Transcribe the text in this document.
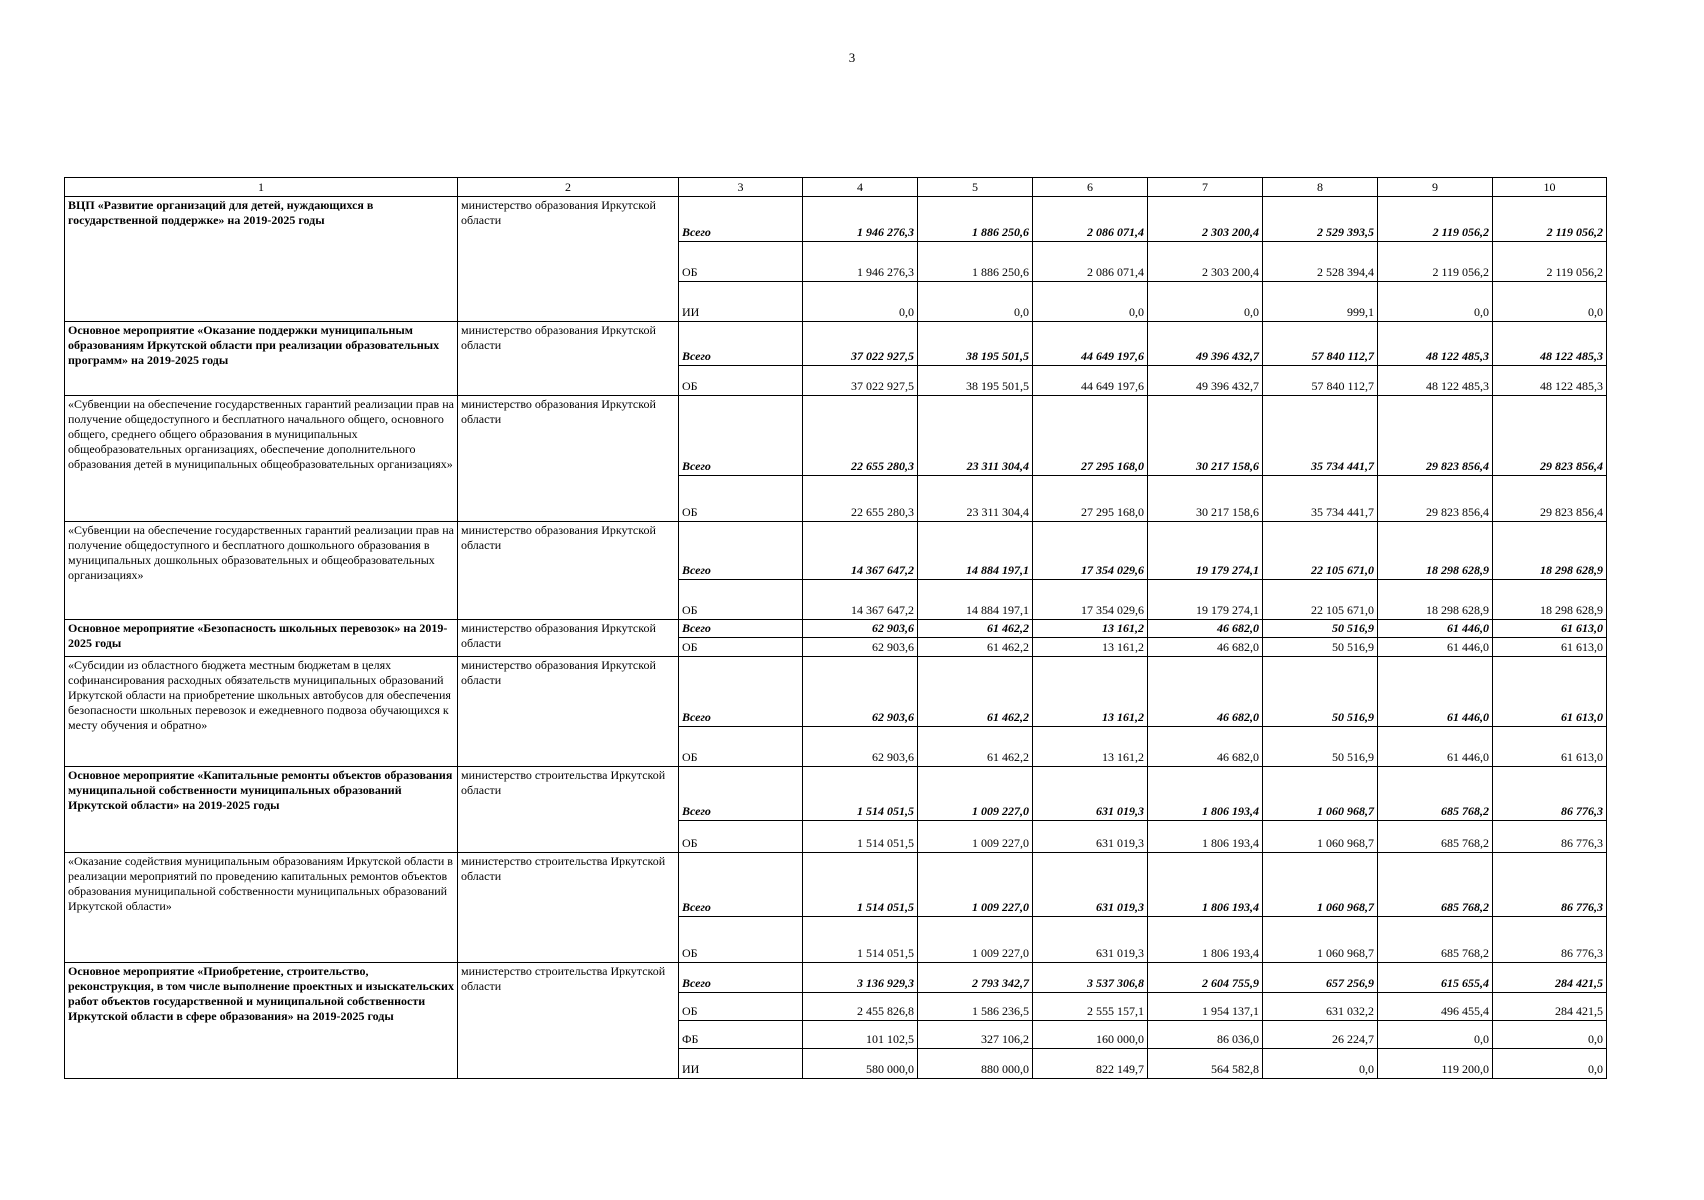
3
1	2	3	4	5	6	7	8	9	10
ВЦП «Развитие организаций для детей, нуждающихся в государственной поддержке» на 2019-2025 годы	министерство образования Иркутской области	Всего	1 946 276,3	1 886 250,6	2 086 071,4	2 303 200,4	2 529 393,5	2 119 056,2	2 119 056,2
		ОБ	1 946 276,3	1 886 250,6	2 086 071,4	2 303 200,4	2 528 394,4	2 119 056,2	2 119 056,2
		ИИ	0,0	0,0	0,0	0,0	999,1	0,0	0,0
Основное мероприятие «Оказание поддержки муниципальным образованиям Иркутской области при реализации образовательных программ» на 2019-2025 годы	министерство образования Иркутской области	Всего	37 022 927,5	38 195 501,5	44 649 197,6	49 396 432,7	57 840 112,7	48 122 485,3	48 122 485,3
		ОБ	37 022 927,5	38 195 501,5	44 649 197,6	49 396 432,7	57 840 112,7	48 122 485,3	48 122 485,3
«Субвенции на обеспечение государственных гарантий реализации прав на получение общедоступного и бесплатного начального общего, основного общего, среднего общего образования в муниципальных общеобразовательных организациях, обеспечение дополнительного образования детей в муниципальных общеобразовательных организациях»	министерство образования Иркутской области	Всего	22 655 280,3	23 311 304,4	27 295 168,0	30 217 158,6	35 734 441,7	29 823 856,4	29 823 856,4
		ОБ	22 655 280,3	23 311 304,4	27 295 168,0	30 217 158,6	35 734 441,7	29 823 856,4	29 823 856,4
«Субвенции на обеспечение государственных гарантий реализации прав на получение общедоступного и бесплатного дошкольного образования в муниципальных дошкольных образовательных и общеобразовательных организациях»	министерство образования Иркутской области	Всего	14 367 647,2	14 884 197,1	17 354 029,6	19 179 274,1	22 105 671,0	18 298 628,9	18 298 628,9
		ОБ	14 367 647,2	14 884 197,1	17 354 029,6	19 179 274,1	22 105 671,0	18 298 628,9	18 298 628,9
Основное мероприятие «Безопасность школьных перевозок» на 2019-2025 годы	министерство образования Иркутской области	Всего	62 903,6	61 462,2	13 161,2	46 682,0	50 516,9	61 446,0	61 613,0
		ОБ	62 903,6	61 462,2	13 161,2	46 682,0	50 516,9	61 446,0	61 613,0
«Субсидии из областного бюджета местным бюджетам в целях софинансирования расходных обязательств муниципальных образований Иркутской области на приобретение школьных автобусов для обеспечения безопасности школьных перевозок и ежедневного подвоза обучающихся к месту обучения и обратно»	министерство образования Иркутской области	Всего	62 903,6	61 462,2	13 161,2	46 682,0	50 516,9	61 446,0	61 613,0
		ОБ	62 903,6	61 462,2	13 161,2	46 682,0	50 516,9	61 446,0	61 613,0
Основное мероприятие «Капитальные ремонты объектов образования муниципальной собственности муниципальных образований Иркутской области» на 2019-2025 годы	министерство строительства Иркутской области	Всего	1 514 051,5	1 009 227,0	631 019,3	1 806 193,4	1 060 968,7	685 768,2	86 776,3
		ОБ	1 514 051,5	1 009 227,0	631 019,3	1 806 193,4	1 060 968,7	685 768,2	86 776,3
«Оказание содействия муниципальным образованиям Иркутской области в реализации мероприятий по проведению капитальных ремонтов объектов образования муниципальной собственности муниципальных образований Иркутской области»	министерство строительства Иркутской области	Всего	1 514 051,5	1 009 227,0	631 019,3	1 806 193,4	1 060 968,7	685 768,2	86 776,3
		ОБ	1 514 051,5	1 009 227,0	631 019,3	1 806 193,4	1 060 968,7	685 768,2	86 776,3
Основное мероприятие «Приобретение, строительство, реконструкция, в том числе выполнение проектных и изыскательских работ объектов государственной и муниципальной собственности Иркутской области в сфере образования» на 2019-2025 годы	министерство строительства Иркутской области	Всего	3 136 929,3	2 793 342,7	3 537 306,8	2 604 755,9	657 256,9	615 655,4	284 421,5
		ОБ	2 455 826,8	1 586 236,5	2 555 157,1	1 954 137,1	631 032,2	496 455,4	284 421,5
		ФБ	101 102,5	327 106,2	160 000,0	86 036,0	26 224,7	0,0	0,0
		ИИ	580 000,0	880 000,0	822 149,7	564 582,8	0,0	119 200,0	0,0
